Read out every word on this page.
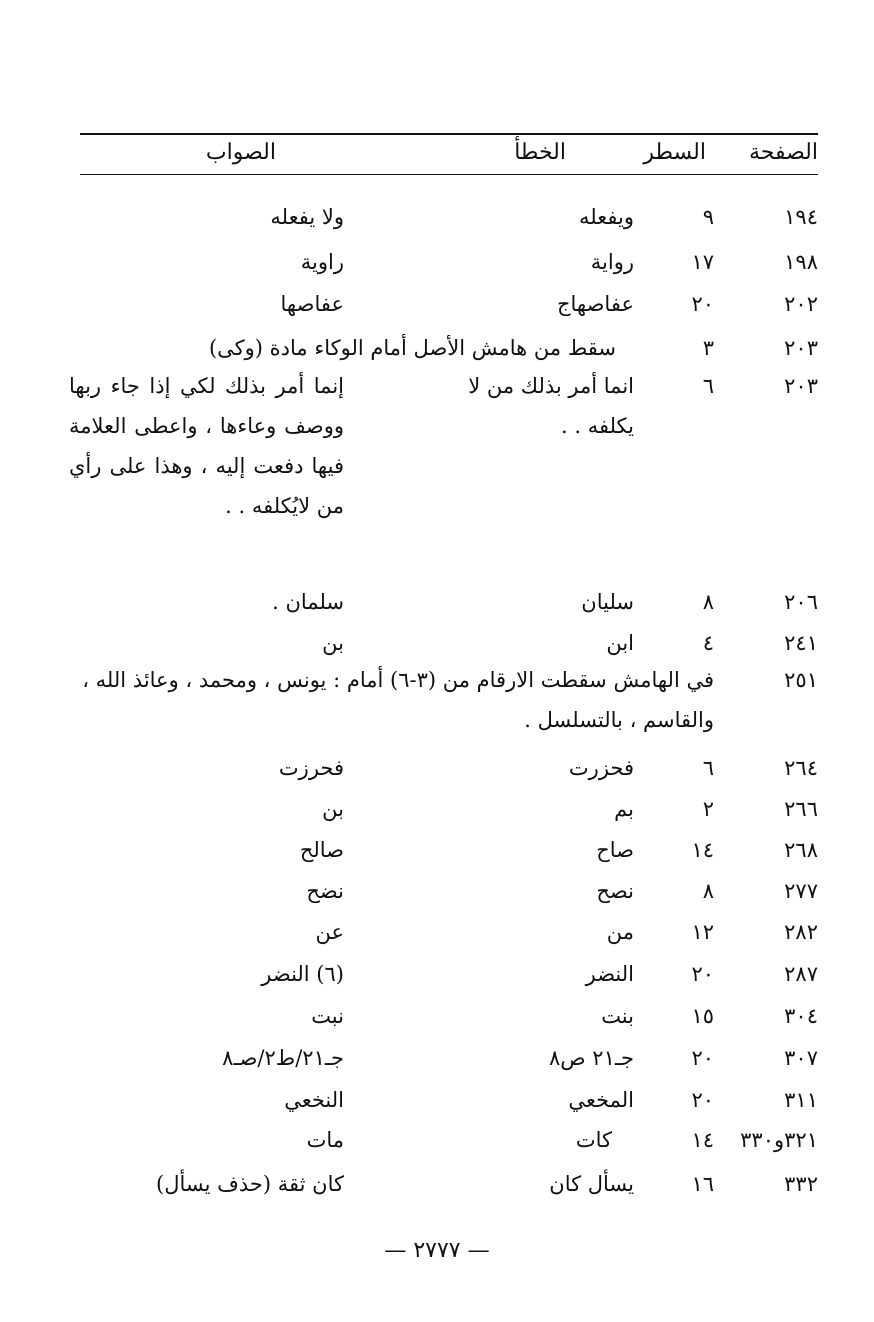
الصفحة
السطر
الخطأ
الصواب
١٩٤
٩
ويفعله
ولا يفعله
١٩٨
١٧
رواية
راوية
٢٠٢
٢٠
عفاصهاج
عفاصها
٢٠٣
٣
سقط من هامش الأصل أمام الوكاء مادة (وكى)
٢٠٣
٦
انما أمر بذلك من لا يكلفه . .
إنما أمر بذلك لكي إذا جاء ربها ووصف وعاءها ، واعطى العلامة فيها دفعت إليه ، وهذا على رأي من لايُكلفه . .
٢٠٦
٨
سليان
سلمان .
٢٤١
٤
ابن
بن
٢٥١
في الهامش سقطت الارقام من (٣-٦) أمام : يونس ، ومحمد ، وعائذ الله ، والقاسم ، بالتسلسل .
٢٦٤
٦
فحزرت
فحرزت
٢٦٦
٢
بم
بن
٢٦٨
١٤
صاح
صالح
٢٧٧
٨
نصح
نضح
٢٨٢
١٢
من
عن
٢٨٧
٢٠
النضر
(٦) النضر
٣٠٤
١٥
بنت
نبت
٣٠٧
٢٠
جـ٢١ ص٨
جـ٢١/ط٢/صـ٨
٣١١
٢٠
المخعي
النخعي
٣٢١و٣٣٠
١٤
كات
مات
٣٣٢
١٦
يسأل كان
كان ثقة (حذف يسأل)
— ٢٧٧٧ —
